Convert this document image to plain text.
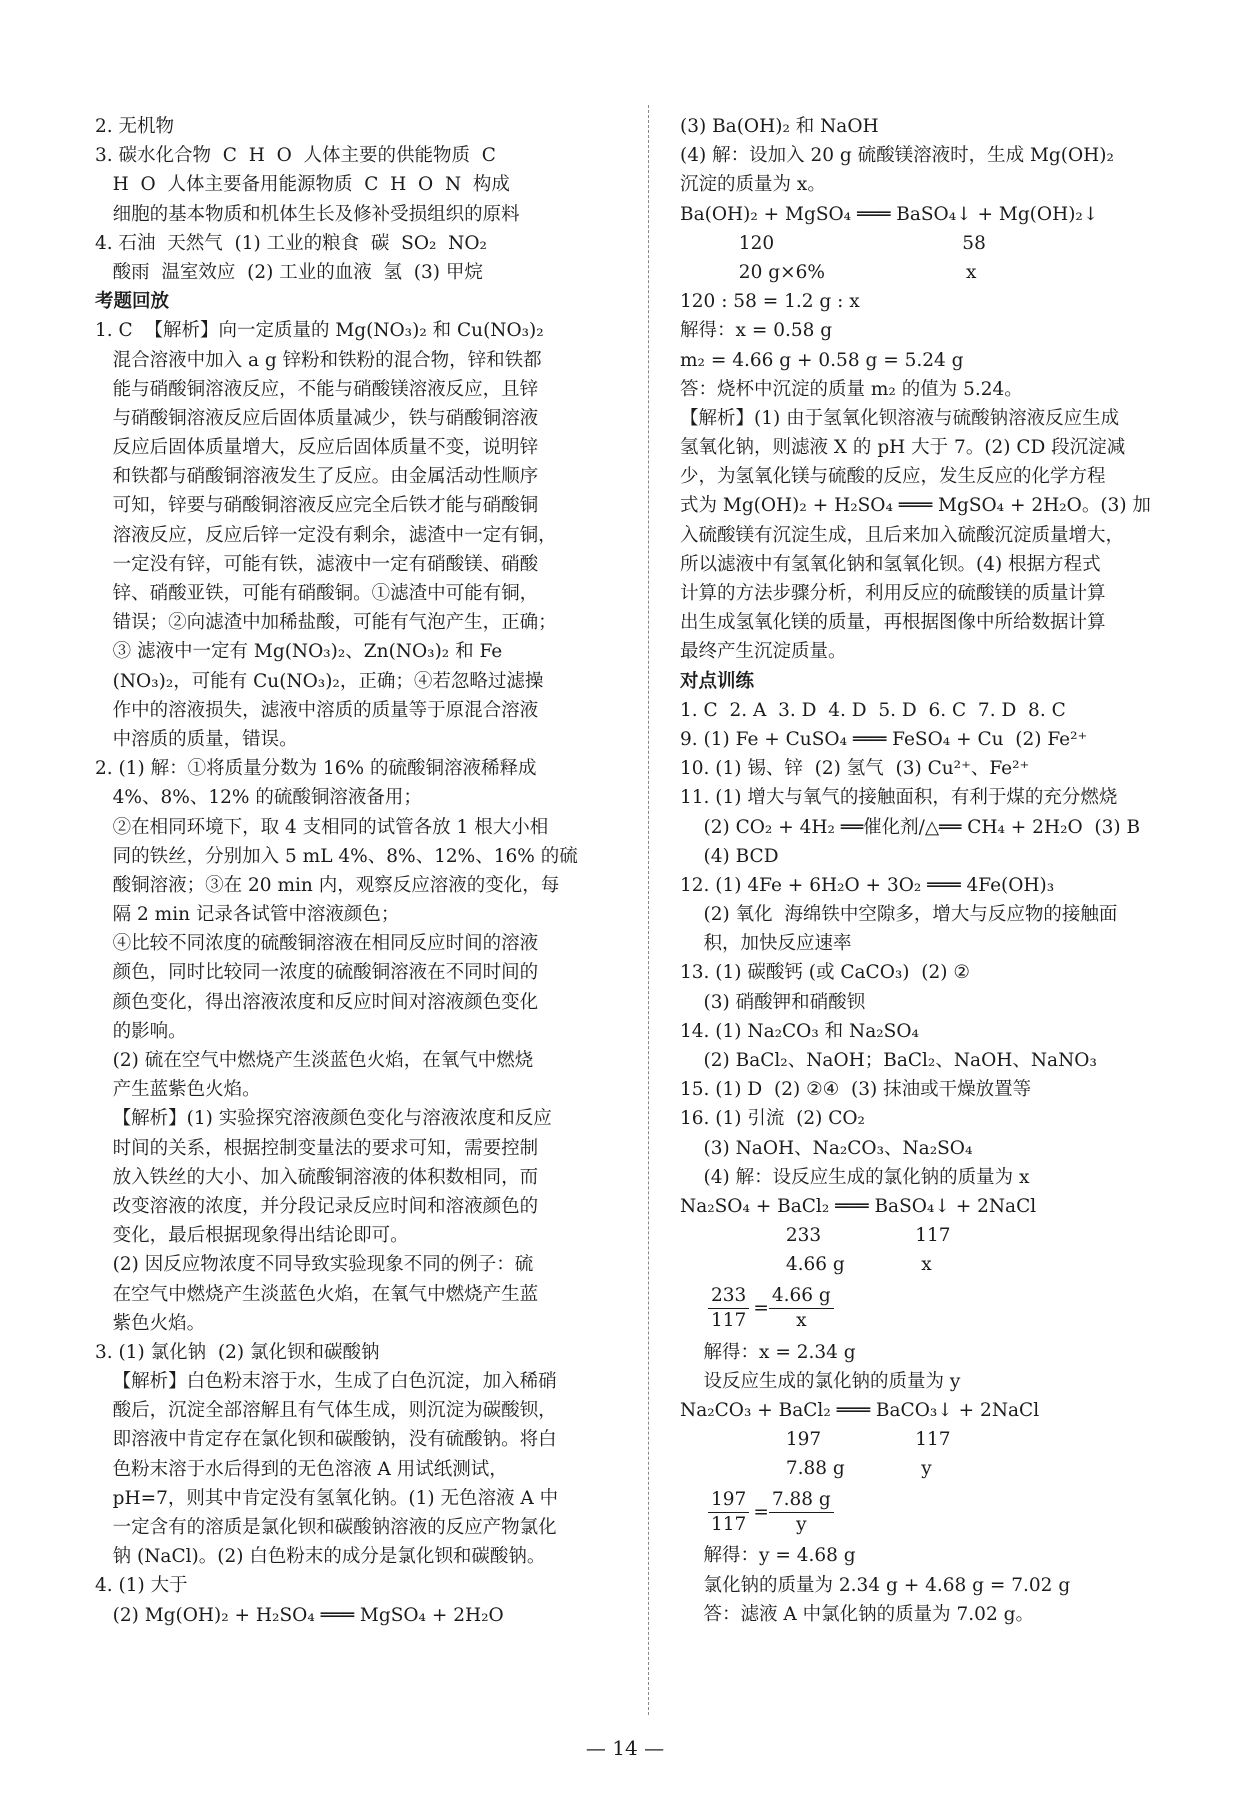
2. 无机物
3. 碳水化合物  C  H  O  人体主要的供能物质  C
H  O  人体主要备用能源物质  C  H  O  N  构成
细胞的基本物质和机体生长及修补受损组织的原料
4. 石油  天然气  (1) 工业的粮食  碳  SO₂  NO₂
酸雨  温室效应  (2) 工业的血液  氢  (3) 甲烷
考题回放
1. C  【解析】向一定质量的 Mg(NO₃)₂ 和 Cu(NO₃)₂
混合溶液中加入 a g 锌粉和铁粉的混合物，锌和铁都
能与硝酸铜溶液反应，不能与硝酸镁溶液反应，且锌
与硝酸铜溶液反应后固体质量减少，铁与硝酸铜溶液
反应后固体质量增大，反应后固体质量不变，说明锌
和铁都与硝酸铜溶液发生了反应。由金属活动性顺序
可知，锌要与硝酸铜溶液反应完全后铁才能与硝酸铜
溶液反应，反应后锌一定没有剩余，滤渣中一定有铜，
一定没有锌，可能有铁，滤液中一定有硝酸镁、硝酸
锌、硝酸亚铁，可能有硝酸铜。①滤渣中可能有铜，
错误；②向滤渣中加稀盐酸，可能有气泡产生，正确；
③ 滤液中一定有 Mg(NO₃)₂、Zn(NO₃)₂ 和 Fe
(NO₃)₂，可能有 Cu(NO₃)₂，正确；④若忽略过滤操
作中的溶液损失，滤液中溶质的质量等于原混合溶液
中溶质的质量，错误。
2. (1) 解：①将质量分数为 16% 的硫酸铜溶液稀释成
4%、8%、12% 的硫酸铜溶液备用；
②在相同环境下，取 4 支相同的试管各放 1 根大小相
同的铁丝，分别加入 5 mL 4%、8%、12%、16% 的硫
酸铜溶液；③在 20 min 内，观察反应溶液的变化，每
隔 2 min 记录各试管中溶液颜色；
④比较不同浓度的硫酸铜溶液在相同反应时间的溶液
颜色，同时比较同一浓度的硫酸铜溶液在不同时间的
颜色变化，得出溶液浓度和反应时间对溶液颜色变化
的影响。
(2) 硫在空气中燃烧产生淡蓝色火焰，在氧气中燃烧
产生蓝紫色火焰。
【解析】(1) 实验探究溶液颜色变化与溶液浓度和反应
时间的关系，根据控制变量法的要求可知，需要控制
放入铁丝的大小、加入硫酸铜溶液的体积数相同，而
改变溶液的浓度，并分段记录反应时间和溶液颜色的
变化，最后根据现象得出结论即可。
(2) 因反应物浓度不同导致实验现象不同的例子：硫
在空气中燃烧产生淡蓝色火焰，在氧气中燃烧产生蓝
紫色火焰。
3. (1) 氯化钠  (2) 氯化钡和碳酸钠
【解析】白色粉末溶于水，生成了白色沉淀，加入稀硝
酸后，沉淀全部溶解且有气体生成，则沉淀为碳酸钡，
即溶液中肯定存在氯化钡和碳酸钠，没有硫酸钠。将白
色粉末溶于水后得到的无色溶液 A 用试纸测试，
pH=7，则其中肯定没有氢氧化钠。(1) 无色溶液 A 中
一定含有的溶质是氯化钡和碳酸钠溶液的反应产物氯化
钠 (NaCl)。(2) 白色粉末的成分是氯化钡和碳酸钠。
4. (1) 大于
(2) Mg(OH)₂ + H₂SO₄ ═══ MgSO₄ + 2H₂O
(3) Ba(OH)₂ 和 NaOH
(4) 解：设加入 20 g 硫酸镁溶液时，生成 Mg(OH)₂
沉淀的质量为 x。
Ba(OH)₂ + MgSO₄ ═══ BaSO₄↓ + Mg(OH)₂↓
120                                58
20 g×6%                        x
120 : 58 = 1.2 g : x
解得：x = 0.58 g
m₂ = 4.66 g + 0.58 g = 5.24 g
答：烧杯中沉淀的质量 m₂ 的值为 5.24。
【解析】(1) 由于氢氧化钡溶液与硫酸钠溶液反应生成
氢氧化钠，则滤液 X 的 pH 大于 7。(2) CD 段沉淀减
少，为氢氧化镁与硫酸的反应，发生反应的化学方程
式为 Mg(OH)₂ + H₂SO₄ ═══ MgSO₄ + 2H₂O。(3) 加
入硫酸镁有沉淀生成，且后来加入硫酸沉淀质量增大，
所以滤液中有氢氧化钠和氢氧化钡。(4) 根据方程式
计算的方法步骤分析，利用反应的硫酸镁的质量计算
出生成氢氧化镁的质量，再根据图像中所给数据计算
最终产生沉淀质量。
对点训练
1. C  2. A  3. D  4. D  5. D  6. C  7. D  8. C
9. (1) Fe + CuSO₄ ═══ FeSO₄ + Cu  (2) Fe²⁺
10. (1) 锡、锌  (2) 氢气  (3) Cu²⁺、Fe²⁺
11. (1) 增大与氧气的接触面积，有利于煤的充分燃烧
(2) CO₂ + 4H₂ ══催化剂/△══ CH₄ + 2H₂O  (3) B
(4) BCD
12. (1) 4Fe + 6H₂O + 3O₂ ═══ 4Fe(OH)₃
(2) 氧化  海绵铁中空隙多，增大与反应物的接触面
积，加快反应速率
13. (1) 碳酸钙 (或 CaCO₃)  (2) ②
(3) 硝酸钾和硝酸钡
14. (1) Na₂CO₃ 和 Na₂SO₄
(2) BaCl₂、NaOH；BaCl₂、NaOH、NaNO₃
15. (1) D  (2) ②④  (3) 抹油或干燥放置等
16. (1) 引流  (2) CO₂
(3) NaOH、Na₂CO₃、Na₂SO₄
(4) 解：设反应生成的氯化钠的质量为 x
Na₂SO₄ + BaCl₂ ═══ BaSO₄↓ + 2NaCl
233                117
4.66 g             x
$\frac{233}{117} = \frac{4.66 g}{x}$
解得：x = 2.34 g
设反应生成的氯化钠的质量为 y
Na₂CO₃ + BaCl₂ ═══ BaCO₃↓ + 2NaCl
197                117
7.88 g             y
$\frac{197}{117} = \frac{7.88 g}{y}$
解得：y = 4.68 g
氯化钠的质量为 2.34 g + 4.68 g = 7.02 g
答：滤液 A 中氯化钠的质量为 7.02 g。
— 14 —
